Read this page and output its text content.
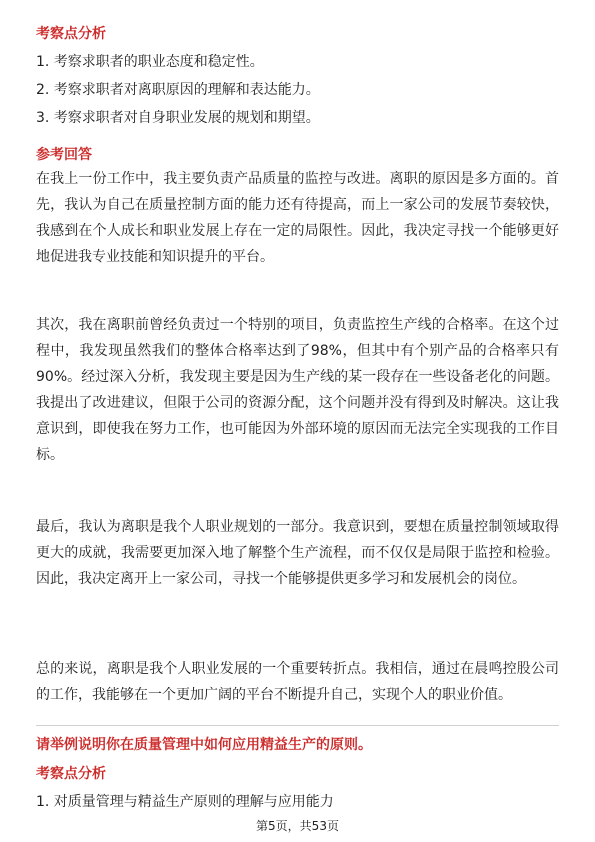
考察点分析
1. 考察求职者的职业态度和稳定性。
2. 考察求职者对离职原因的理解和表达能力。
3. 考察求职者对自身职业发展的规划和期望。
参考回答
在我上一份工作中，我主要负责产品质量的监控与改进。离职的原因是多方面的。首先，我认为自己在质量控制方面的能力还有待提高，而上一家公司的发展节奏较快，我感到在个人成长和职业发展上存在一定的局限性。因此，我决定寻找一个能够更好地促进我专业技能和知识提升的平台。
其次，我在离职前曾经负责过一个特别的项目，负责监控生产线的合格率。在这个过程中，我发现虽然我们的整体合格率达到了98%，但其中有个别产品的合格率只有90%。经过深入分析，我发现主要是因为生产线的某一段存在一些设备老化的问题。我提出了改进建议，但限于公司的资源分配，这个问题并没有得到及时解决。这让我意识到，即使我在努力工作，也可能因为外部环境的原因而无法完全实现我的工作目标。
最后，我认为离职是我个人职业规划的一部分。我意识到，要想在质量控制领域取得更大的成就，我需要更加深入地了解整个生产流程，而不仅仅是局限于监控和检验。因此，我决定离开上一家公司，寻找一个能够提供更多学习和发展机会的岗位。
总的来说，离职是我个人职业发展的一个重要转折点。我相信，通过在晨鸣控股公司的工作，我能够在一个更加广阔的平台不断提升自己，实现个人的职业价值。
请举例说明你在质量管理中如何应用精益生产的原则。
考察点分析
1. 对质量管理与精益生产原则的理解与应用能力
第5页，共53页
